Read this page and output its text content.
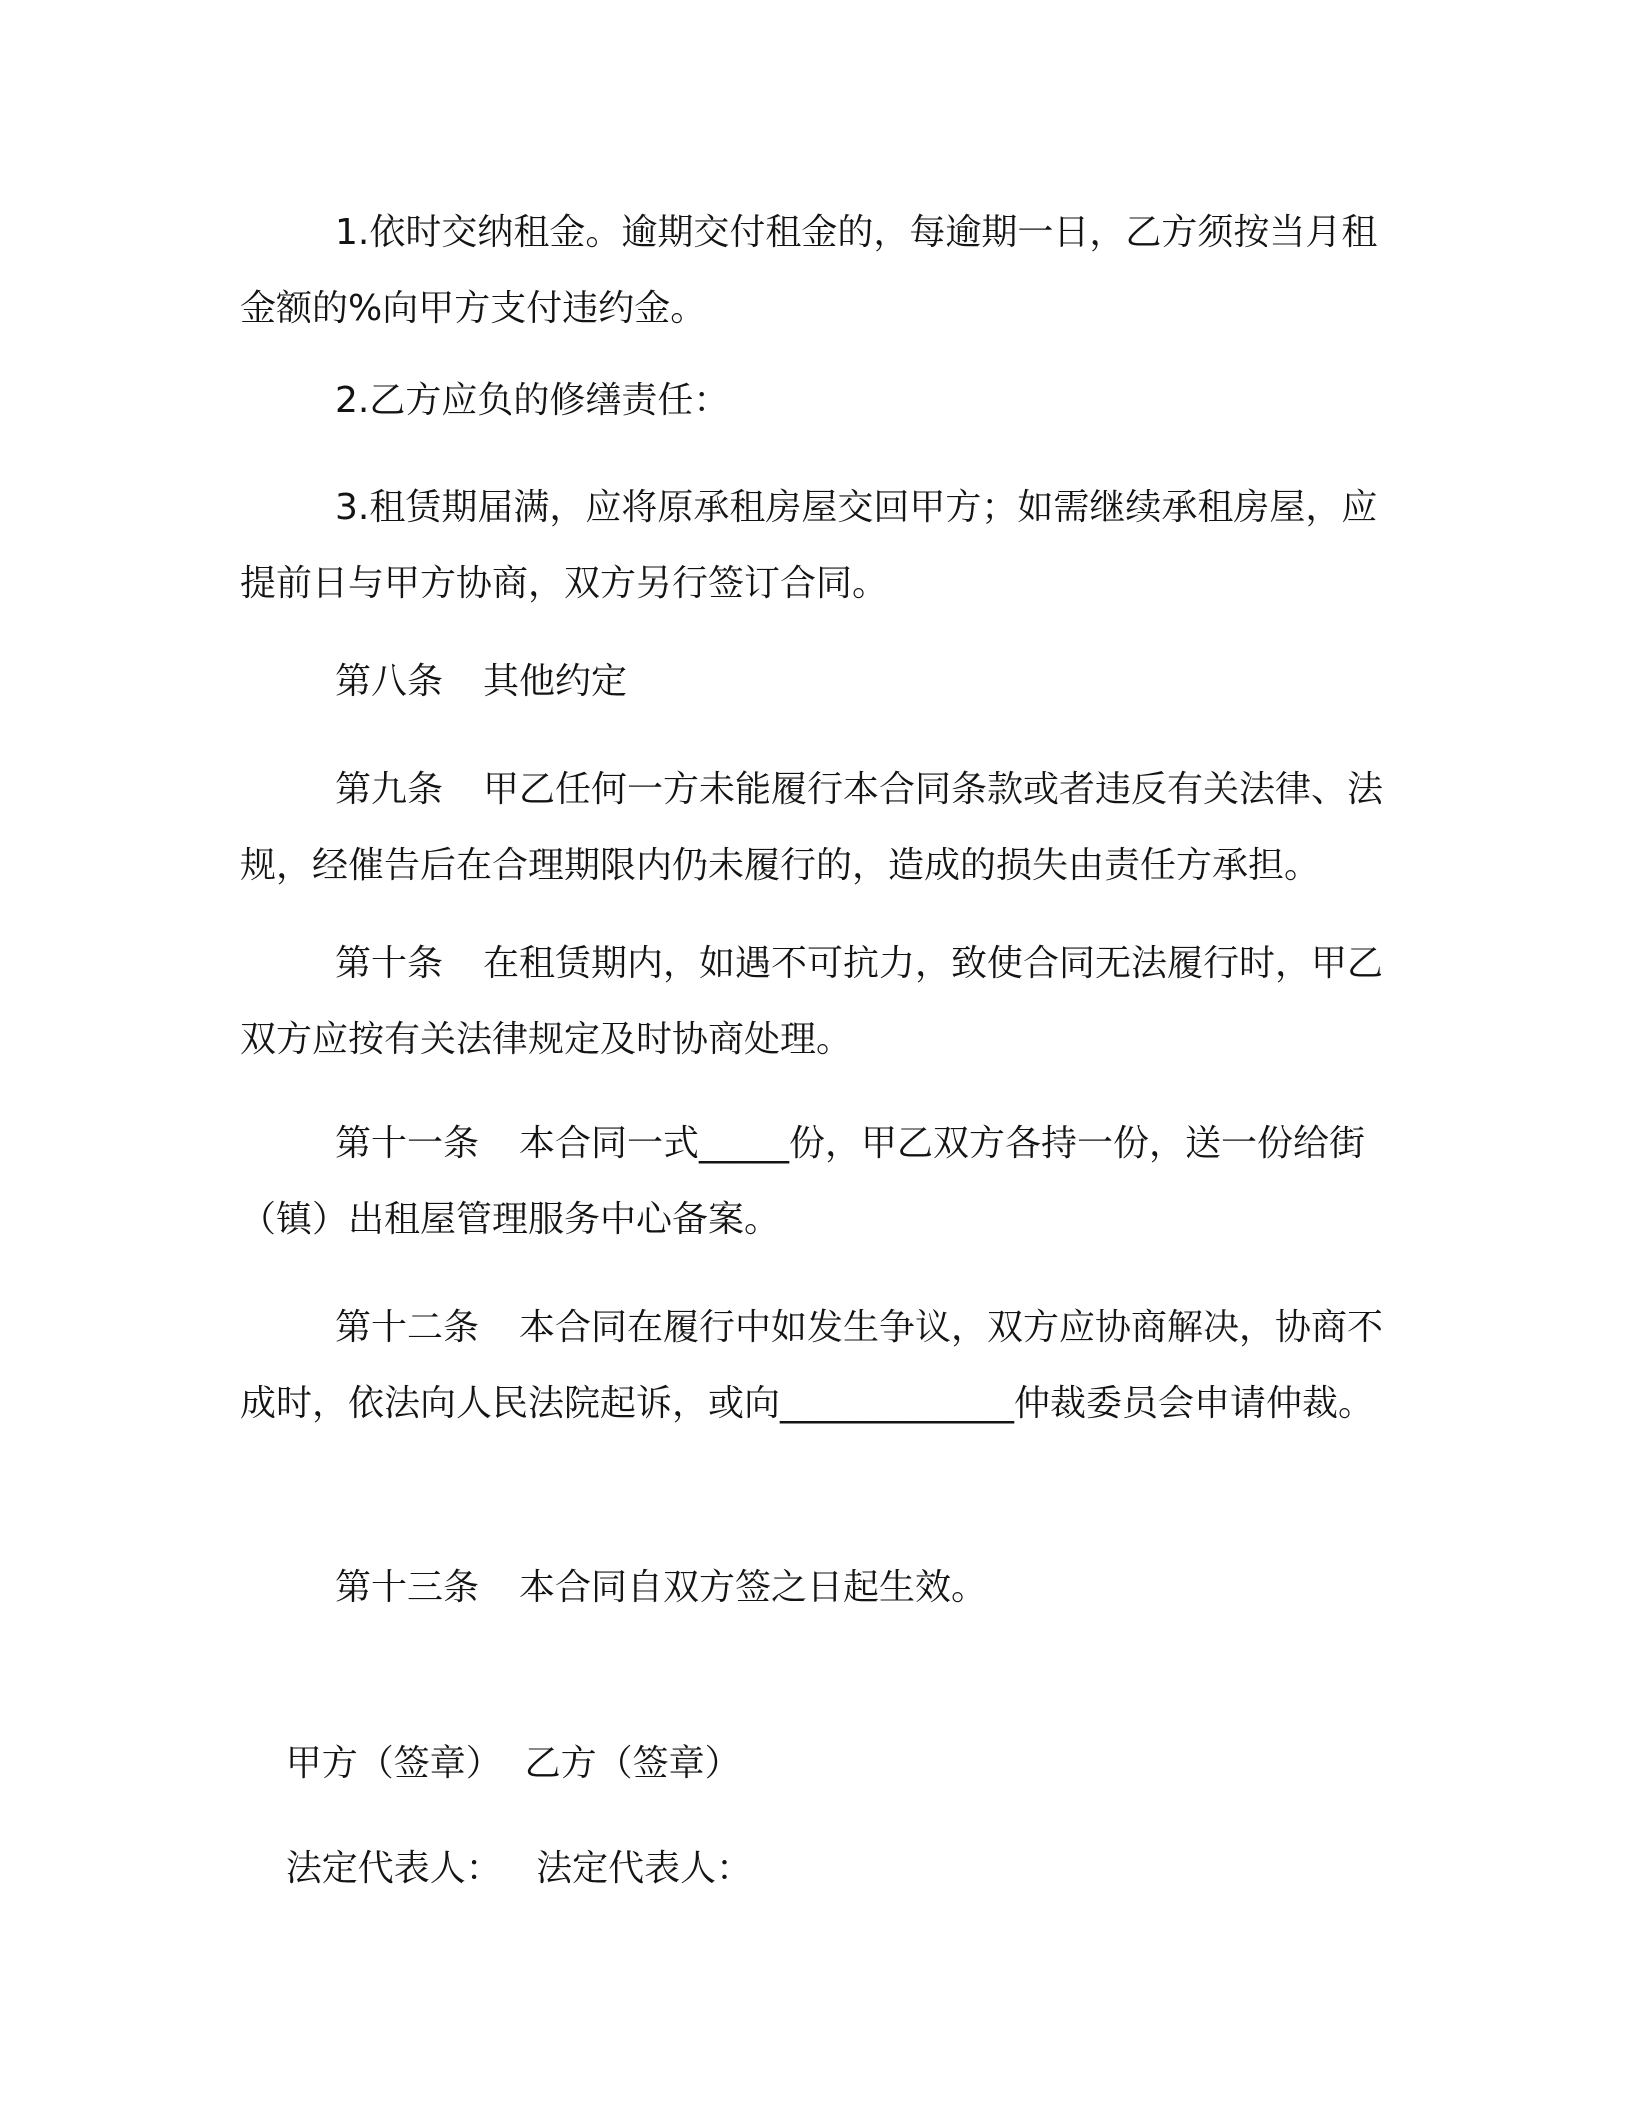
1.依时交纳租金。逾期交付租金的，每逾期一日，乙方须按当月租金额的%向甲方支付违约金。

2.乙方应负的修缮责任：

3.租赁期届满，应将原承租房屋交回甲方；如需继续承租房屋，应提前日与甲方协商，双方另行签订合同。

第八条 其他约定

第九条 甲乙任何一方未能履行本合同条款或者违反有关法律、法规，经催告后在合理期限内仍未履行的，造成的损失由责任方承担。

第十条 在租赁期内，如遇不可抗力，致使合同无法履行时，甲乙双方应按有关法律规定及时协商处理。

第十一条 本合同一式_____份，甲乙双方各持一份，送一份给街（镇）出租屋管理服务中心备案。

第十二条 本合同在履行中如发生争议，双方应协商解决，协商不成时，依法向人民法院起诉，或向_____________仲裁委员会申请仲裁。

第十三条 本合同自双方签之日起生效。

甲方（签章）  乙方（签章）

法定代表人：   法定代表人：
